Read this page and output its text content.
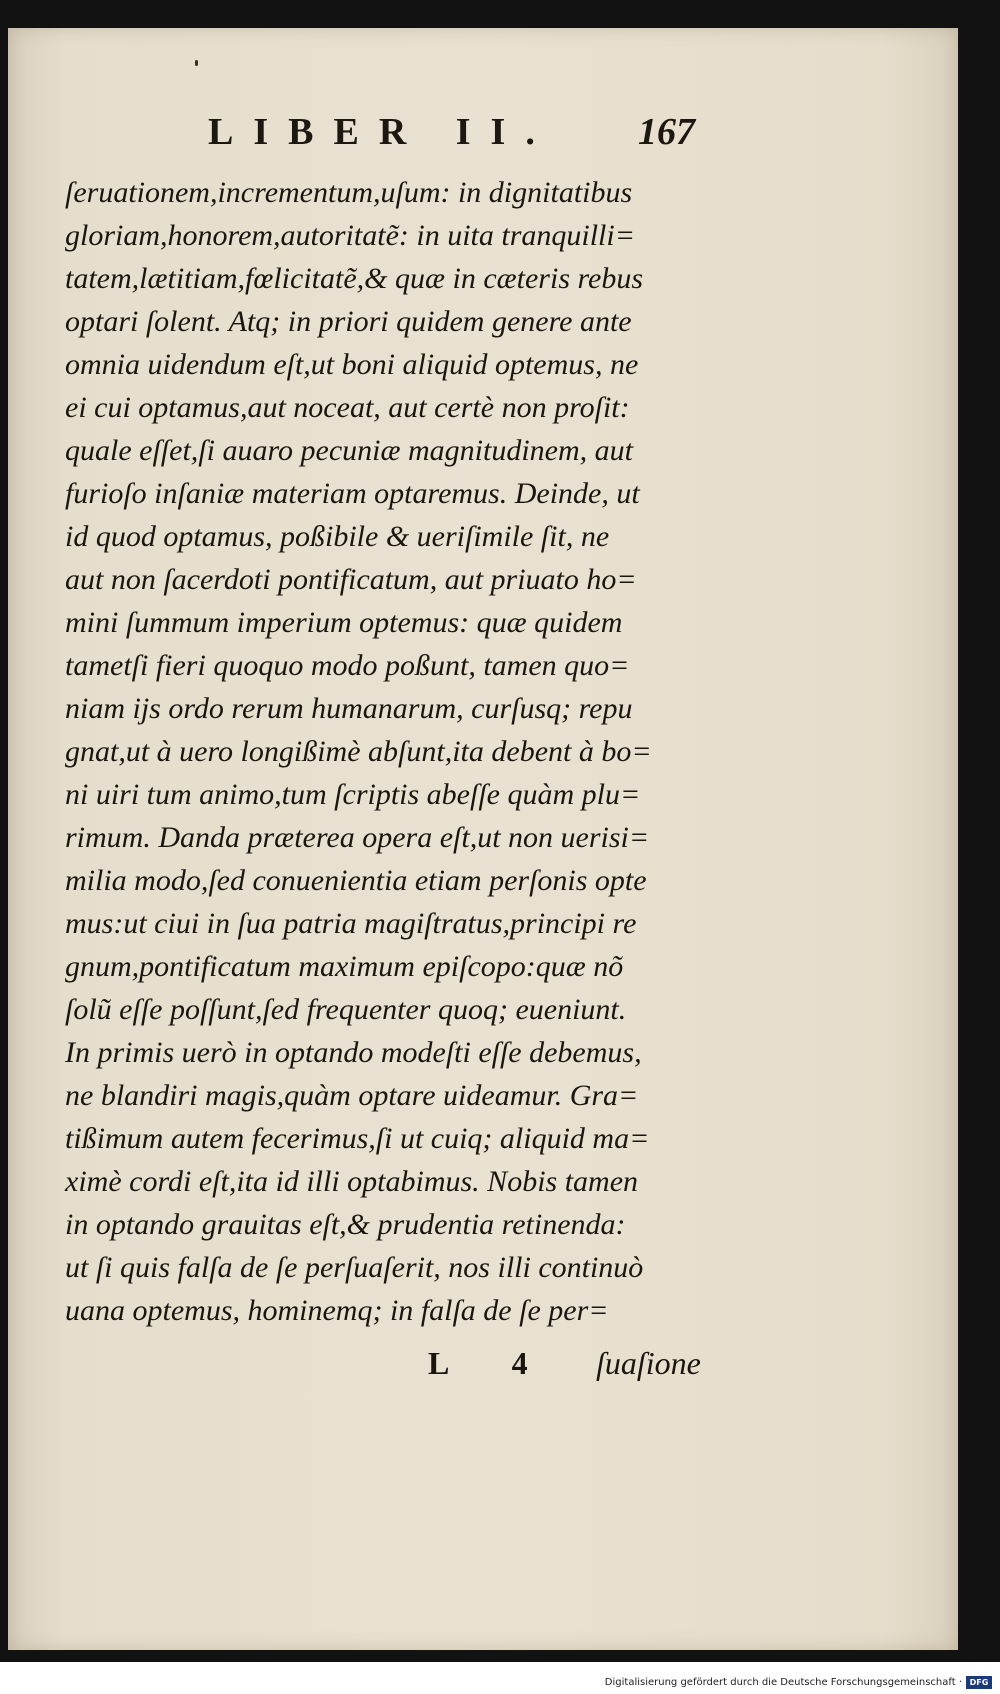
LIBER II. 167
ſeruationem,incrementum,uſum: in dignitatibus
gloriam,honorem,autoritatẽ: in uita tranquilli=
tatem,lætitiam,fœlicitatẽ,& quæ in cæteris rebus
optari ſolent. Atq; in priori quidem genere ante
omnia uidendum eſt,ut boni aliquid optemus, ne
ei cui optamus,aut noceat, aut certè non proſit:
quale eſſet,ſi auaro pecuniæ magnitudinem, aut
furioſo inſaniæ materiam optaremus. Deinde, ut
id quod optamus, poßibile & ueriſimile ſit, ne
aut non ſacerdoti pontificatum, aut priuato ho=
mini ſummum imperium optemus: quæ quidem
tametſi fieri quoquo modo poßunt, tamen quo=
niam ijs ordo rerum humanarum, curſusq; repu
gnat,ut à uero longißimè abſunt,ita debent à bo=
ni uiri tum animo,tum ſcriptis abeſſe quàm plu=
rimum. Danda præterea opera eſt,ut non uerisi=
milia modo,ſed conuenientia etiam perſonis opte
mus:ut ciui in ſua patria magiſtratus,principi re
gnum,pontificatum maximum epiſcopo:quæ nõ
ſolũ eſſe poſſunt,ſed frequenter quoq; eueniunt.
In primis uerò in optando modeſti eſſe debemus,
ne blandiri magis,quàm optare uideamur. Gra=
tißimum autem fecerimus,ſi ut cuiq; aliquid ma=
ximè cordi eſt,ita id illi optabimus. Nobis tamen
in optando grauitas eſt,& prudentia retinenda:
ut ſi quis falſa de ſe perſuaſerit, nos illi continuò
uana optemus, hominemq; in falſa de ſe per=
L 4 ſuaſione
Digitalisierung gefördert durch die Deutsche Forschungsgemeinschaft · DFG
